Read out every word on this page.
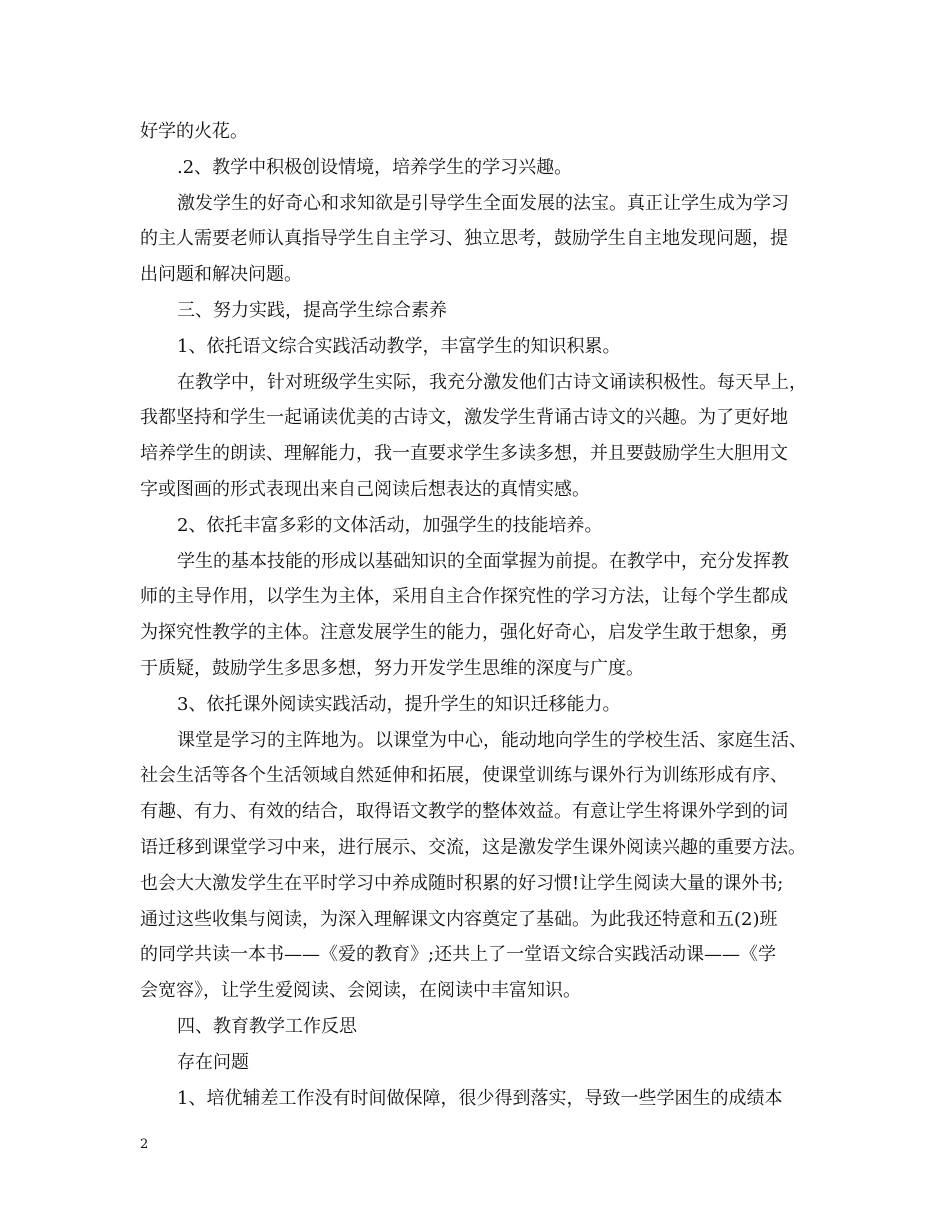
好学的火花。
.2、教学中积极创设情境，培养学生的学习兴趣。
激发学生的好奇心和求知欲是引导学生全面发展的法宝。真正让学生成为学习
的主人需要老师认真指导学生自主学习、独立思考，鼓励学生自主地发现问题，提
出问题和解决问题。
三、努力实践，提高学生综合素养
1、依托语文综合实践活动教学，丰富学生的知识积累。
在教学中，针对班级学生实际，我充分激发他们古诗文诵读积极性。每天早上，
我都坚持和学生一起诵读优美的古诗文，激发学生背诵古诗文的兴趣。为了更好地
培养学生的朗读、理解能力，我一直要求学生多读多想，并且要鼓励学生大胆用文
字或图画的形式表现出来自己阅读后想表达的真情实感。
2、依托丰富多彩的文体活动，加强学生的技能培养。
学生的基本技能的形成以基础知识的全面掌握为前提。在教学中，充分发挥教
师的主导作用，以学生为主体，采用自主合作探究性的学习方法，让每个学生都成
为探究性教学的主体。注意发展学生的能力，强化好奇心，启发学生敢于想象，勇
于质疑，鼓励学生多思多想，努力开发学生思维的深度与广度。
3、依托课外阅读实践活动，提升学生的知识迁移能力。
课堂是学习的主阵地为。以课堂为中心，能动地向学生的学校生活、家庭生活、
社会生活等各个生活领域自然延伸和拓展，使课堂训练与课外行为训练形成有序、
有趣、有力、有效的结合，取得语文教学的整体效益。有意让学生将课外学到的词
语迁移到课堂学习中来，进行展示、交流，这是激发学生课外阅读兴趣的重要方法。
也会大大激发学生在平时学习中养成随时积累的好习惯!让学生阅读大量的课外书;
通过这些收集与阅读，为深入理解课文内容奠定了基础。为此我还特意和五(2)班
的同学共读一本书——《爱的教育》;还共上了一堂语文综合实践活动课——《学
会宽容》，让学生爱阅读、会阅读，在阅读中丰富知识。
四、教育教学工作反思
存在问题
1、培优辅差工作没有时间做保障，很少得到落实，导致一些学困生的成绩本
2
